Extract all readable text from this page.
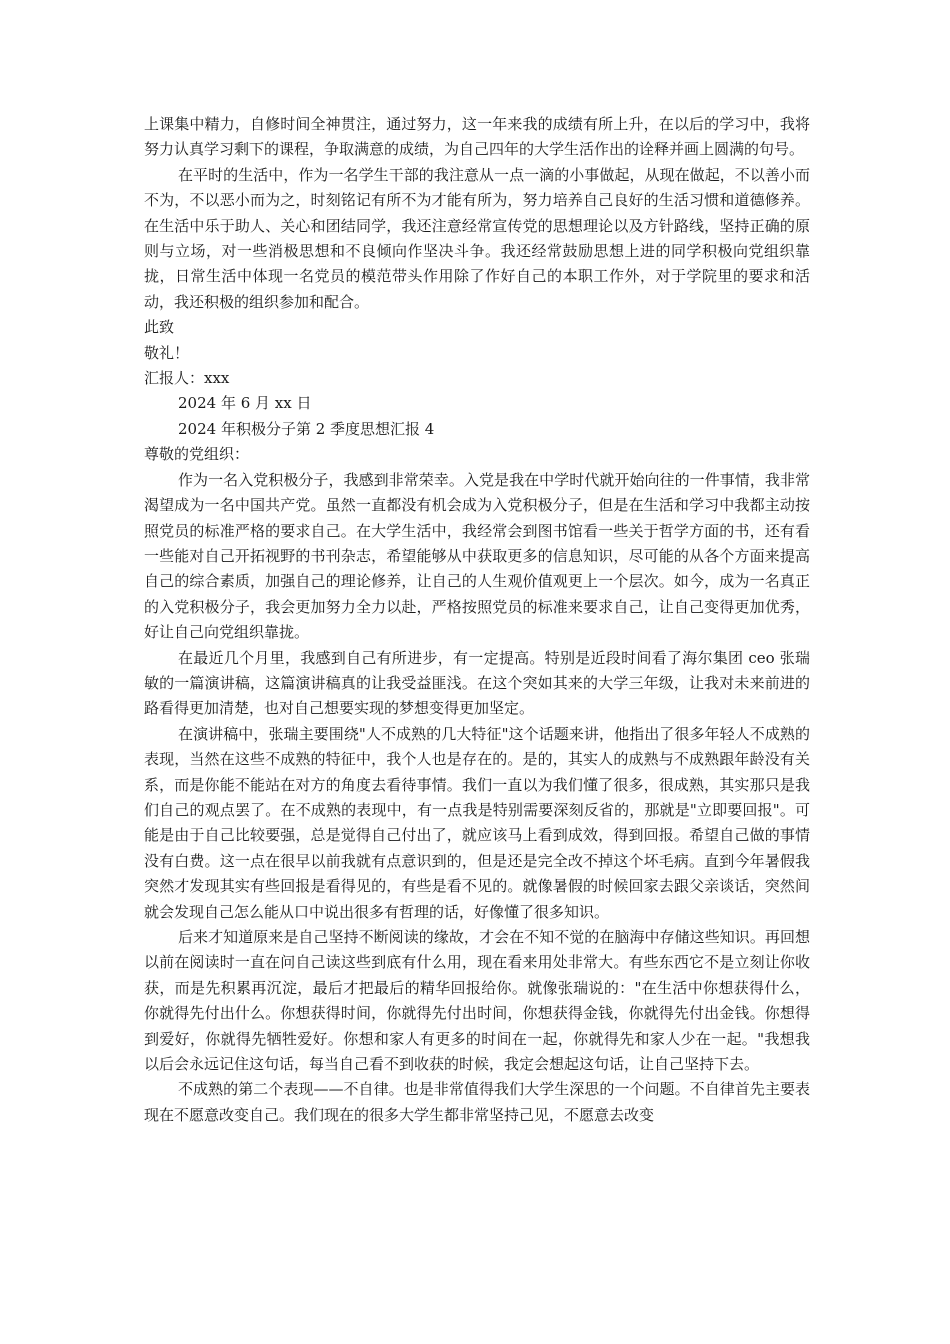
上课集中精力，自修时间全神贯注，通过努力，这一年来我的成绩有所上升，在以后的学习中，我将努力认真学习剩下的课程，争取满意的成绩，为自己四年的大学生活作出的诠释并画上圆满的句号。

在平时的生活中，作为一名学生干部的我注意从一点一滴的小事做起，从现在做起，不以善小而不为，不以恶小而为之，时刻铭记有所不为才能有所为，努力培养自己良好的生活习惯和道德修养。在生活中乐于助人、关心和团结同学，我还注意经常宣传党的思想理论以及方针路线，坚持正确的原则与立场，对一些消极思想和不良倾向作坚决斗争。我还经常鼓励思想上进的同学积极向党组织靠拢，日常生活中体现一名党员的模范带头作用除了作好自己的本职工作外，对于学院里的要求和活动，我还积极的组织参加和配合。

此致

敬礼！

汇报人：xxx

2024 年 6 月 xx 日

2024 年积极分子第 2 季度思想汇报 4

尊敬的党组织：

作为一名入党积极分子，我感到非常荣幸。入党是我在中学时代就开始向往的一件事情，我非常渴望成为一名中国共产党。虽然一直都没有机会成为入党积极分子，但是在生活和学习中我都主动按照党员的标准严格的要求自己。在大学生活中，我经常会到图书馆看一些关于哲学方面的书，还有看一些能对自己开拓视野的书刊杂志，希望能够从中获取更多的信息知识，尽可能的从各个方面来提高自己的综合素质，加强自己的理论修养，让自己的人生观价值观更上一个层次。如今，成为一名真正的入党积极分子，我会更加努力全力以赴，严格按照党员的标准来要求自己，让自己变得更加优秀，好让自己向党组织靠拢。

在最近几个月里，我感到自己有所进步，有一定提高。特别是近段时间看了海尔集团 ceo 张瑞敏的一篇演讲稿，这篇演讲稿真的让我受益匪浅。在这个突如其来的大学三年级，让我对未来前进的路看得更加清楚，也对自己想要实现的梦想变得更加坚定。

在演讲稿中，张瑞主要围绕"人不成熟的几大特征"这个话题来讲，他指出了很多年轻人不成熟的表现，当然在这些不成熟的特征中，我个人也是存在的。是的，其实人的成熟与不成熟跟年龄没有关系，而是你能不能站在对方的角度去看待事情。我们一直以为我们懂了很多，很成熟，其实那只是我们自己的观点罢了。在不成熟的表现中，有一点我是特别需要深刻反省的，那就是"立即要回报"。可能是由于自己比较要强，总是觉得自己付出了，就应该马上看到成效，得到回报。希望自己做的事情没有白费。这一点在很早以前我就有点意识到的，但是还是完全改不掉这个坏毛病。直到今年暑假我突然才发现其实有些回报是看得见的，有些是看不见的。就像暑假的时候回家去跟父亲谈话，突然间就会发现自己怎么能从口中说出很多有哲理的话，好像懂了很多知识。

后来才知道原来是自己坚持不断阅读的缘故，才会在不知不觉的在脑海中存储这些知识。再回想以前在阅读时一直在问自己读这些到底有什么用，现在看来用处非常大。有些东西它不是立刻让你收获，而是先积累再沉淀，最后才把最后的精华回报给你。就像张瑞说的："在生活中你想获得什么，你就得先付出什么。你想获得时间，你就得先付出时间，你想获得金钱，你就得先付出金钱。你想得到爱好，你就得先牺牲爱好。你想和家人有更多的时间在一起，你就得先和家人少在一起。"我想我以后会永远记住这句话，每当自己看不到收获的时候，我定会想起这句话，让自己坚持下去。

不成熟的第二个表现——不自律。也是非常值得我们大学生深思的一个问题。不自律首先主要表现在不愿意改变自己。我们现在的很多大学生都非常坚持己见，不愿意去改变
